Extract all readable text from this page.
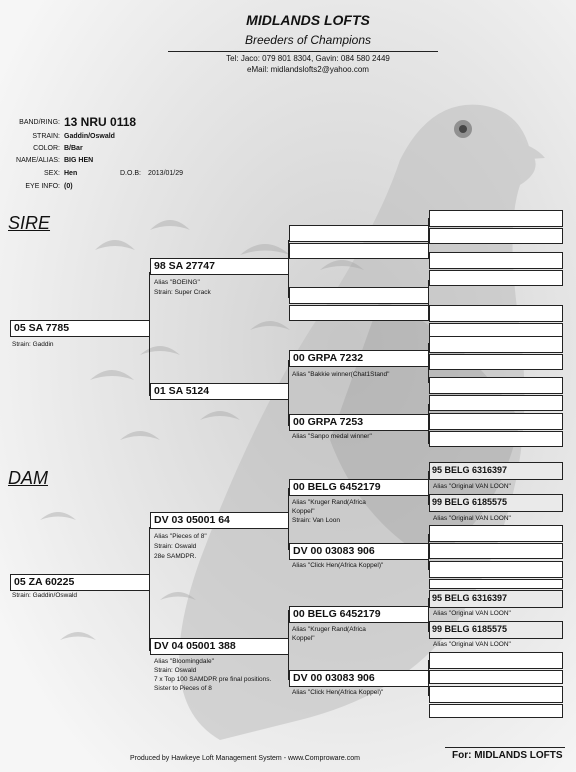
MIDLANDS LOFTS
Breeders of Champions
Tel: Jaco: 079 801 8304, Gavin: 084 580 2449
eMail: midlandslofts2@yahoo.com
BAND/RING: 13 NRU 0118
STRAIN: Gaddin/Oswald
COLOR: B/Bar
NAME/ALIAS: BIG HEN
SEX: Hen	D.O.B: 2013/01/29
EYE INFO: (0)
SIRE
DAM
05 SA 7785
Strain: Gaddin
05 ZA 60225
Strain: Gaddin/Oswald
98 SA 27747
Alias "BOEING"
Strain: Super Crack
01 SA 5124
DV 03 05001 64
Alias "Pieces of 8"
Strain: Oswald
28e SAMDPR.
DV 04 05001 388
Alias "Bloomingdale"
Strain: Oswald
7 x Top 100 SAMDPR pre final positions.
Sister to Pieces of 8
00 GRPA 7232
Alias "Bakkie winner(Chat1Stand"
00 GRPA 7253
Alias "Sanpo medal winner"
00 BELG 6452179
Alias "Kruger Rand(Africa
Koppel"
Strain: Van Loon
DV 00 03083 906
Alias "Click Hen(Africa Koppel)"
00 BELG 6452179
Alias "Kruger Rand(Africa
Koppel"
DV 00 03083 906
Alias "Click Hen(Africa Koppel)"
95 BELG 6316397
Alias "Original VAN LOON"
99 BELG 6185575
Alias "Original VAN LOON"
95 BELG 6316397
Alias "Original VAN LOON"
99 BELG 6185575
Alias "Original VAN LOON"
Produced by Hawkeye Loft Management System - www.Comproware.com	For: MIDLANDS LOFTS
